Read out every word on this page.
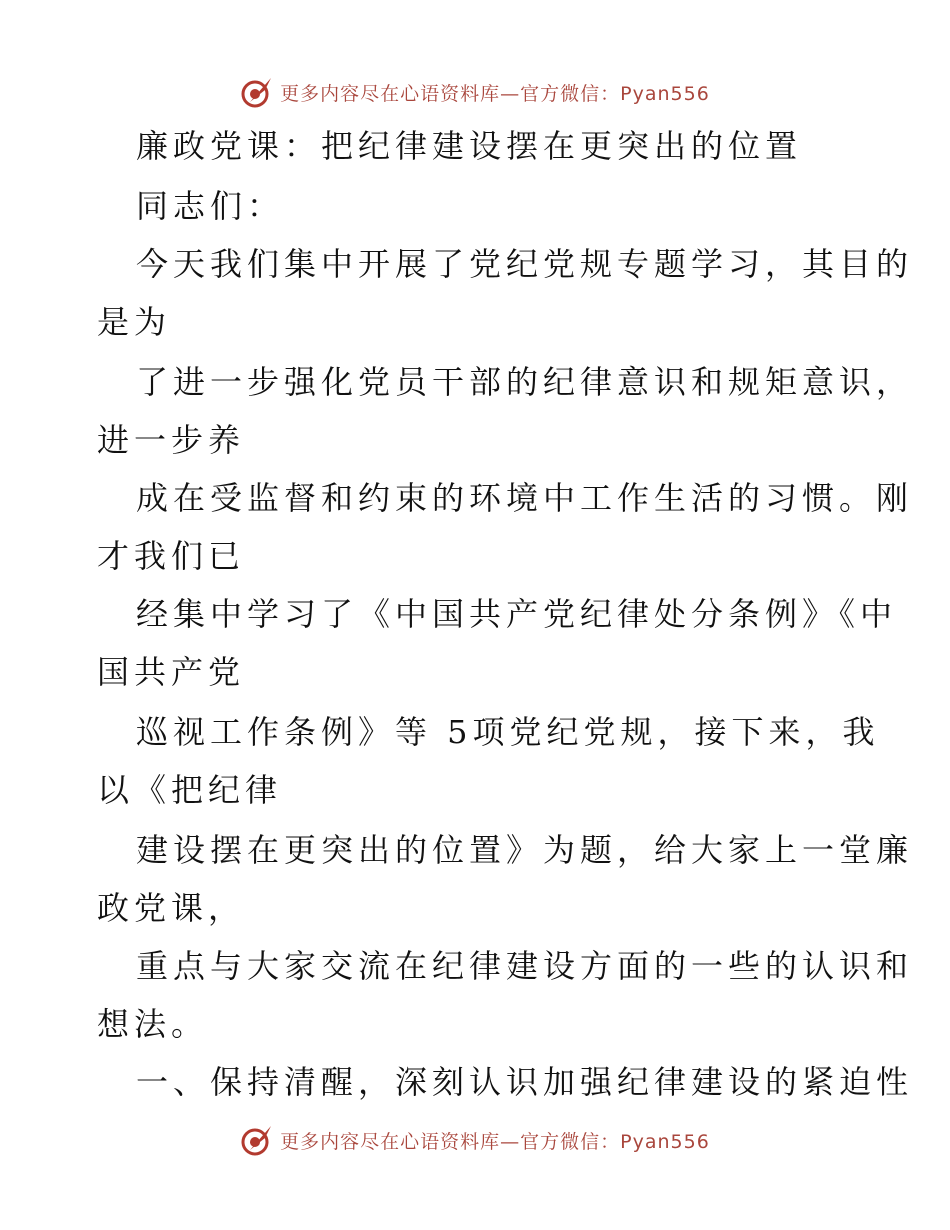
更多内容尽在心语资料库—官方微信：Pyan556
廉政党课：把纪律建设摆在更突出的位置
同志们：
今天我们集中开展了党纪党规专题学习，其目的
是为
了进一步强化党员干部的纪律意识和规矩意识，
进一步养
成在受监督和约束的环境中工作生活的习惯。刚
才我们已
经集中学习了《中国共产党纪律处分条例》《中
国共产党
巡视工作条例》等 5项党纪党规，接下来，我
以《把纪律
建设摆在更突出的位置》为题，给大家上一堂廉
政党课，
重点与大家交流在纪律建设方面的一些的认识和
想法。
一、保持清醒，深刻认识加强纪律建设的紧迫性
更多内容尽在心语资料库—官方微信：Pyan556
